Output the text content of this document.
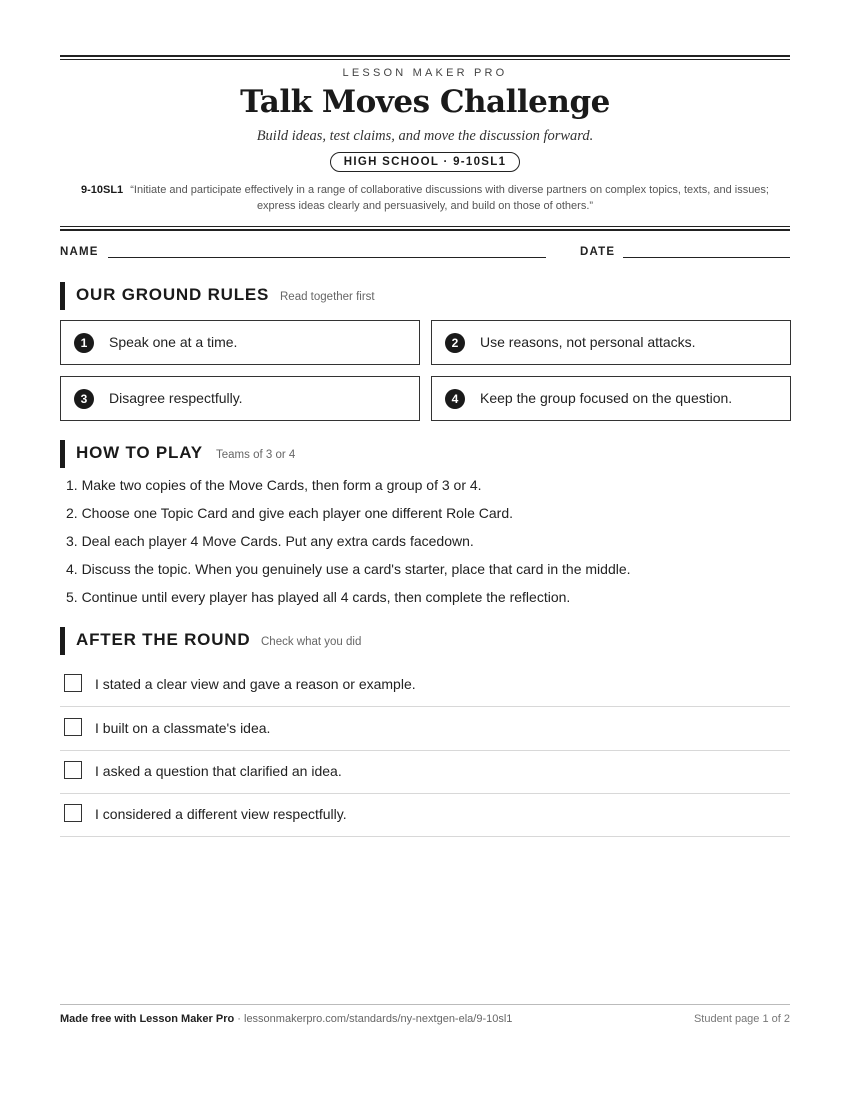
LESSON MAKER PRO
Talk Moves Challenge
Build ideas, test claims, and move the discussion forward.
HIGH SCHOOL · 9-10SL1
9-10SL1 “Initiate and participate effectively in a range of collaborative discussions with diverse partners on complex topics, texts, and issues; express ideas clearly and persuasively, and build on those of others.”
NAME	DATE
OUR GROUND RULES Read together first
1	Speak one at a time.	2	Use reasons, not personal attacks.
3	Disagree respectfully.	4	Keep the group focused on the question.
HOW TO PLAY Teams of 3 or 4
1. Make two copies of the Move Cards, then form a group of 3 or 4.
2. Choose one Topic Card and give each player one different Role Card.
3. Deal each player 4 Move Cards. Put any extra cards facedown.
4. Discuss the topic. When you genuinely use a card's starter, place that card in the middle.
5. Continue until every player has played all 4 cards, then complete the reflection.
AFTER THE ROUND Check what you did
I stated a clear view and gave a reason or example.
I built on a classmate's idea.
I asked a question that clarified an idea.
I considered a different view respectfully.
Made free with Lesson Maker Pro · lessonmakerpro.com/standards/ny-nextgen-ela/9-10sl1	Student page 1 of 2
